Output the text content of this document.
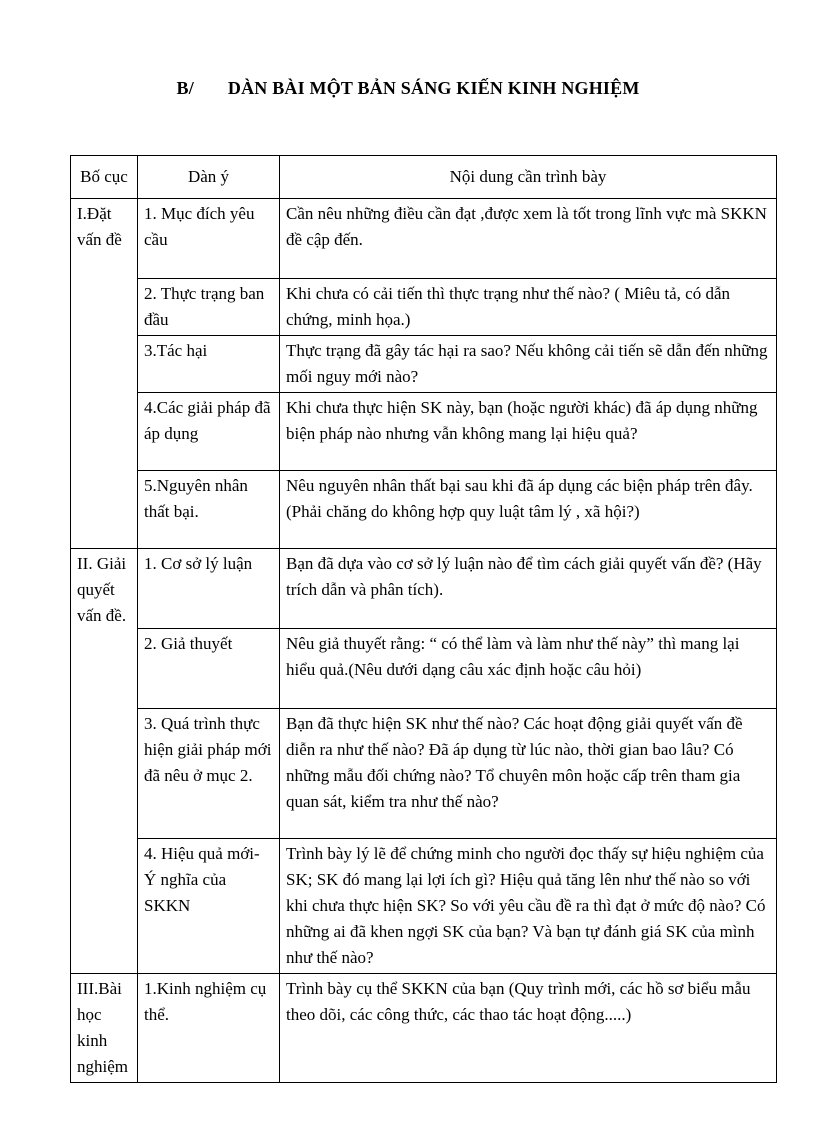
B/ DÀN BÀI MỘT BẢN SÁNG KIẾN KINH NGHIỆM
Bố cục	Dàn ý	Nội dung cần trình bày
I.Đặt vấn đề	1. Mục đích yêu cầu	Cần nêu những điều cần đạt ,được xem là tốt trong lĩnh vực mà SKKN đề cập đến.
	2. Thực trạng ban đầu	Khi chưa có cải tiến thì thực trạng như thế nào? ( Miêu tả, có dẫn chứng, minh họa.)
	3.Tác hại	Thực trạng đã gây tác hại ra sao? Nếu không cải tiến sẽ dẫn đến những mối nguy mới nào?
	4.Các giải pháp đã áp dụng	Khi chưa thực hiện SK này, bạn (hoặc người khác) đã áp dụng những biện pháp nào nhưng vẫn không mang lại hiệu quả?
	5.Nguyên nhân thất bại.	Nêu nguyên nhân thất bại sau khi đã áp dụng các biện pháp trên đây. (Phải chăng do không hợp quy luật tâm lý , xã hội?)
II. Giải quyết vấn đề.	1. Cơ sở lý luận	Bạn đã dựa vào cơ sở lý luận nào để tìm cách giải quyết vấn đề? (Hãy trích dẫn và phân tích).
	2. Giả thuyết	Nêu giả thuyết rằng: “ có thể làm và làm như thế này” thì mang lại hiểu quả.(Nêu dưới dạng câu xác định hoặc câu hỏi)
	3. Quá trình thực hiện giải pháp mới đã nêu ở mục 2.	Bạn đã thực hiện SK như thế nào? Các hoạt động giải quyết vấn đề diễn ra như thế nào? Đã áp dụng từ lúc nào, thời gian bao lâu? Có những mẫu đối chứng nào? Tổ chuyên môn hoặc cấp trên tham gia quan sát, kiểm tra như thế nào?
	4. Hiệu quả mới- Ý nghĩa của SKKN	Trình bày lý lẽ để chứng minh cho người đọc thấy sự hiệu nghiệm của SK; SK đó mang lại lợi ích gì? Hiệu quả tăng lên như thế nào so với khi chưa thực hiện SK? So với yêu cầu đề ra thì đạt ở mức độ nào? Có những ai đã khen ngợi SK của bạn? Và bạn tự đánh giá SK của mình như thế nào?
III.Bài học kinh nghiệm	1.Kinh nghiệm cụ thể.	Trình bày cụ thể SKKN của bạn (Quy trình mới, các hồ sơ biểu mẫu theo dõi, các công thức, các thao tác hoạt động.....)
